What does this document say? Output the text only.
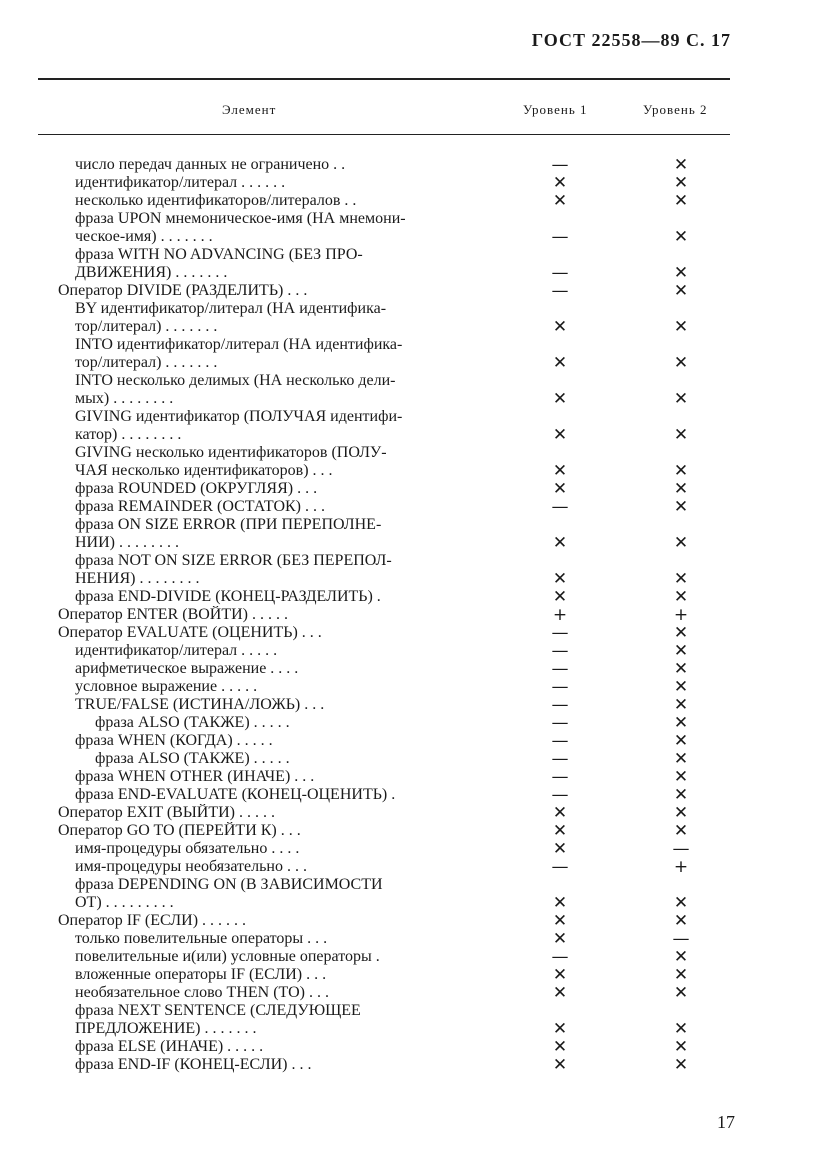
ГОСТ 22558—89 С. 17
Элемент	Уровень 1	Уровень 2
число передач данных не ограничено . .	—	✕
идентификатор/литерал . . . . . .	✕	✕
несколько идентификаторов/литералов . .	✕	✕
фраза UPON мнемоническое-имя (НА мнемони-
ческое-имя) . . . . . . .	—	✕
фраза WITH NO ADVANCING (БЕЗ ПРО-
ДВИЖЕНИЯ) . . . . . . .	—	✕
Оператор DIVIDE (РАЗДЕЛИТЬ) . . .	—	✕
BY идентификатор/литерал (НА идентифика-
тор/литерал) . . . . . . .	✕	✕
INTO идентификатор/литерал (НА идентифика-
тор/литерал) . . . . . . .	✕	✕
INTO несколько делимых (НА несколько дели-
мых) . . . . . . . .	✕	✕
GIVING идентификатор (ПОЛУЧАЯ идентифи-
катор) . . . . . . . .	✕	✕
GIVING несколько идентификаторов (ПОЛУ-
ЧАЯ несколько идентификаторов) . . .	✕	✕
фраза ROUNDED (ОКРУГЛЯЯ) . . .	✕	✕
фраза REMAINDER (ОСТАТОК) . . .	—	✕
фраза ON SIZE ERROR (ПРИ ПЕРЕПОЛНЕ-
НИИ) . . . . . . . .	✕	✕
фраза NOT ON SIZE ERROR (БЕЗ ПЕРЕПОЛ-
НЕНИЯ) . . . . . . . .	✕	✕
фраза END-DIVIDE (КОНЕЦ-РАЗДЕЛИТЬ) .	✕	✕
Оператор ENTER (ВОЙТИ) . . . . .	+	+
Оператор EVALUATE (ОЦЕНИТЬ) . . .	—	✕
идентификатор/литерал . . . . .	—	✕
арифметическое выражение . . . .	—	✕
условное выражение . . . . .	—	✕
TRUE/FALSE (ИСТИНА/ЛОЖЬ) . . .	—	✕
фраза ALSO (ТАКЖЕ) . . . . .	—	✕
фраза WHEN (КОГДА) . . . . .	—	✕
фраза ALSO (ТАКЖЕ) . . . . .	—	✕
фраза WHEN OTHER (ИНАЧЕ) . . .	—	✕
фраза END-EVALUATE (КОНЕЦ-ОЦЕНИТЬ) .	—	✕
Оператор EXIT (ВЫЙТИ) . . . . .	✕	✕
Оператор GO TO (ПЕРЕЙТИ К) . . .	✕	✕
имя-процедуры обязательно . . . .	✕	—
имя-процедуры необязательно . . .	—	+
фраза DEPENDING ON (В ЗАВИСИМОСТИ
ОТ) . . . . . . . . .	✕	✕
Оператор IF (ЕСЛИ) . . . . . .	✕	✕
только повелительные операторы . . .	✕	—
повелительные и(или) условные операторы .	—	✕
вложенные операторы IF (ЕСЛИ) . . .	✕	✕
необязательное слово THEN (ТО) . . .	✕	✕
фраза NEXT SENTENCE (СЛЕДУЮЩЕЕ
ПРЕДЛОЖЕНИЕ) . . . . . . .	✕	✕
фраза ELSE (ИНАЧЕ) . . . . .	✕	✕
фраза END-IF (КОНЕЦ-ЕСЛИ) . . .	✕	✕
17
